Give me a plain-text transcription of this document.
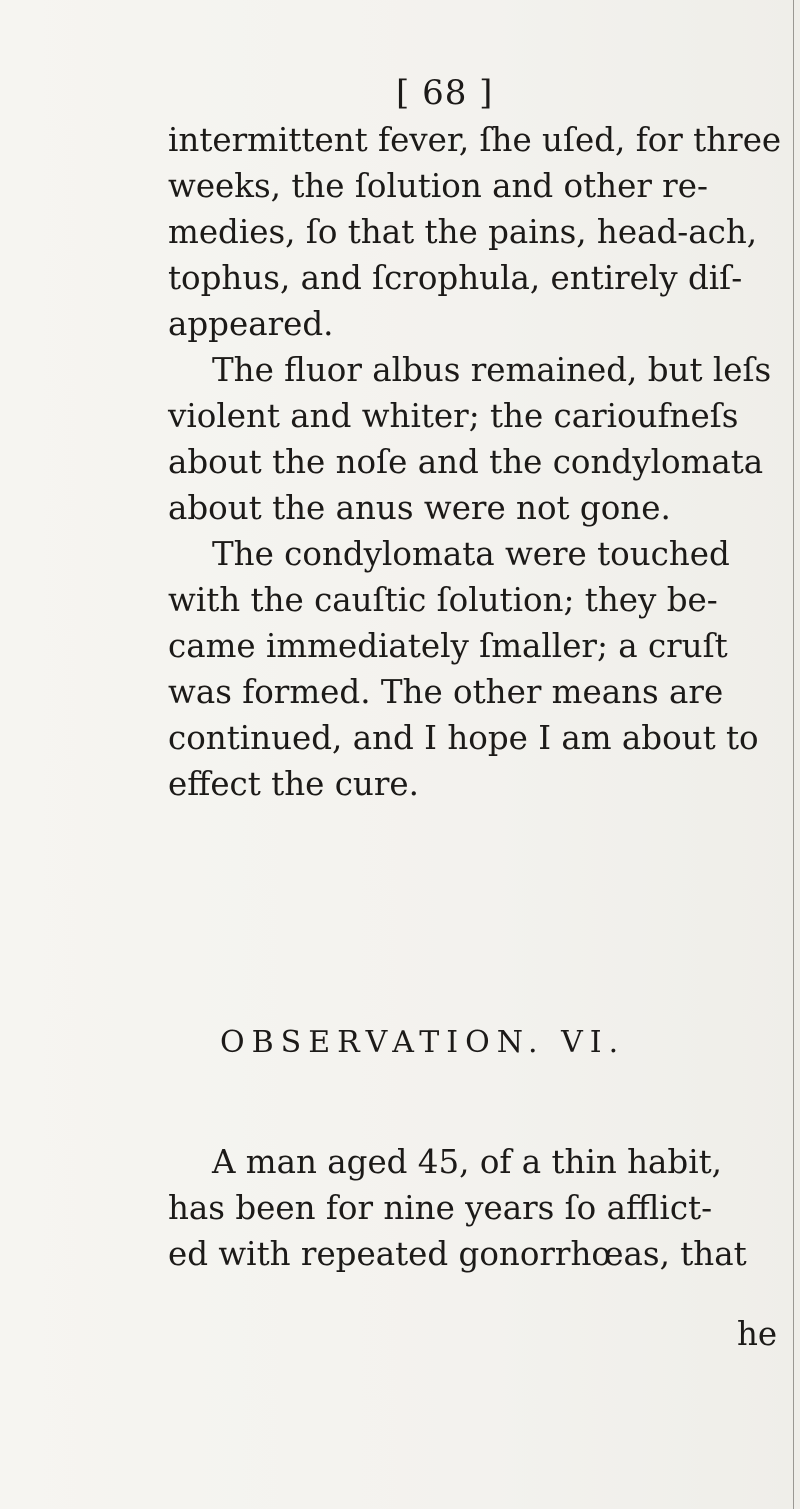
[ 68 ]
intermittent fever, ſhe uſed, for three
weeks, the ſolution and other re-
medies, ſo that the pains, head-ach,
tophus, and ſcrophula, entirely diſ-
appeared.
The fluor albus remained, but leſs
violent and whiter; the carioufneſs
about the noſe and the condylomata
about the anus were not gone.
The condylomata were touched
with the cauſtic ſolution; they be-
came immediately ſmaller; a cruſt
was formed. The other means are
continued, and I hope I am about to
effect the cure.
OBSERVATION. VI.
A man aged 45, of a thin habit,
has been for nine years ſo afflict-
ed with repeated gonorrhœas, that
he
